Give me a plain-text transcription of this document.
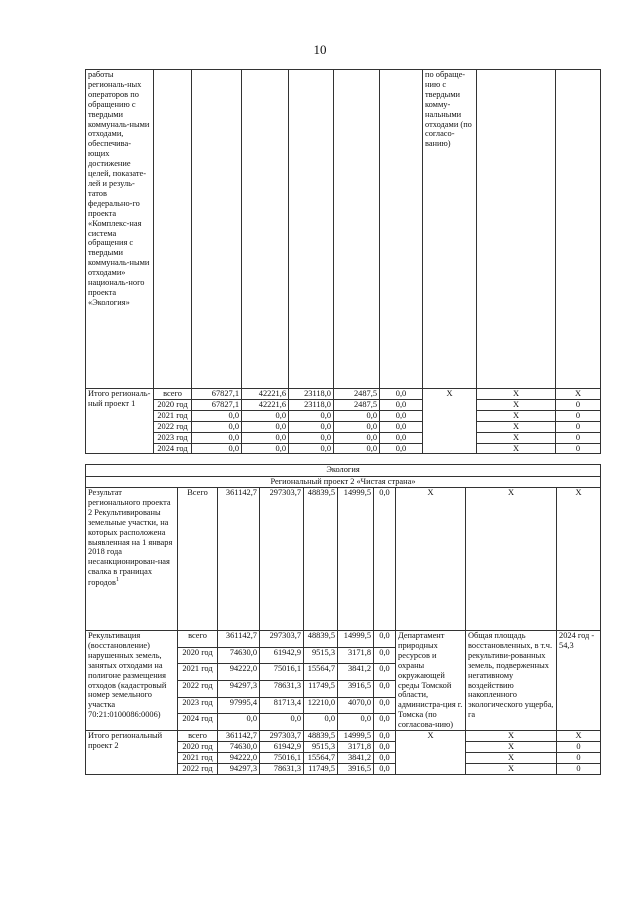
10
работы региональ-ных операторов по обращению с твердыми коммуналь-ными отходами, обеспечива-ющих достижение целей, показате-лей и резуль-татов федерально-го проекта «Комплекс-ная система обращения с твердыми коммуналь-ными отходами» националь-ного проекта «Экология»							по обраще-нию с твердыми комму-нальными отходами (по согласо-ванию)		
Итого региональ-ный проект 1	всего	67827,1	42221,6	23118,0	2487,5	0,0	X	X	X
	2020 год	67827,1	42221,6	23118,0	2487,5	0,0		X	0
	2021 год	0,0	0,0	0,0	0,0	0,0		X	0
	2022 год	0,0	0,0	0,0	0,0	0,0		X	0
	2023 год	0,0	0,0	0,0	0,0	0,0		X	0
	2024 год	0,0	0,0	0,0	0,0	0,0		X	0
Экология									
Региональный проект 2 «Чистая страна»									
Результат регионального проекта 2 Рекультивированы земельные участки, на которых расположена выявленная на 1 января 2018 года несанкционирован-ная свалка в границах городов$^1$	Всего	361142,7	297303,7	48839,5	14999,5	0,0	X	X	X
Рекультивация (восстановление) нарушенных земель, занятых отходами на полигоне размещения отходов (кадастровый номер земельного участка 70:21:0100086:0006)	всего	361142,7	297303,7	48839,5	14999,5	0,0	Департамент природных ресурсов и охраны окружающей среды Томской области, администра-ция г. Томска (по согласова-нию)	Общая площадь восстановленных, в т.ч. рекультиви-рованных земель, подверженных негативному воздействию накопленного экологического ущерба, га	2024 год - 54,3
	2020 год	74630,0	61942,9	9515,3	3171,8	0,0			
	2021 год	94222,0	75016,1	15564,7	3841,2	0,0			
	2022 год	94297,3	78631,3	11749,5	3916,5	0,0			
	2023 год	97995,4	81713,4	12210,0	4070,0	0,0			
	2024 год	0,0	0,0	0,0	0,0	0,0			
Итого региональный проект 2	всего	361142,7	297303,7	48839,5	14999,5	0,0	X	X	X
	2020 год	74630,0	61942,9	9515,3	3171,8	0,0		X	0
	2021 год	94222,0	75016,1	15564,7	3841,2	0,0		X	0
	2022 год	94297,3	78631,3	11749,5	3916,5	0,0		X	0
